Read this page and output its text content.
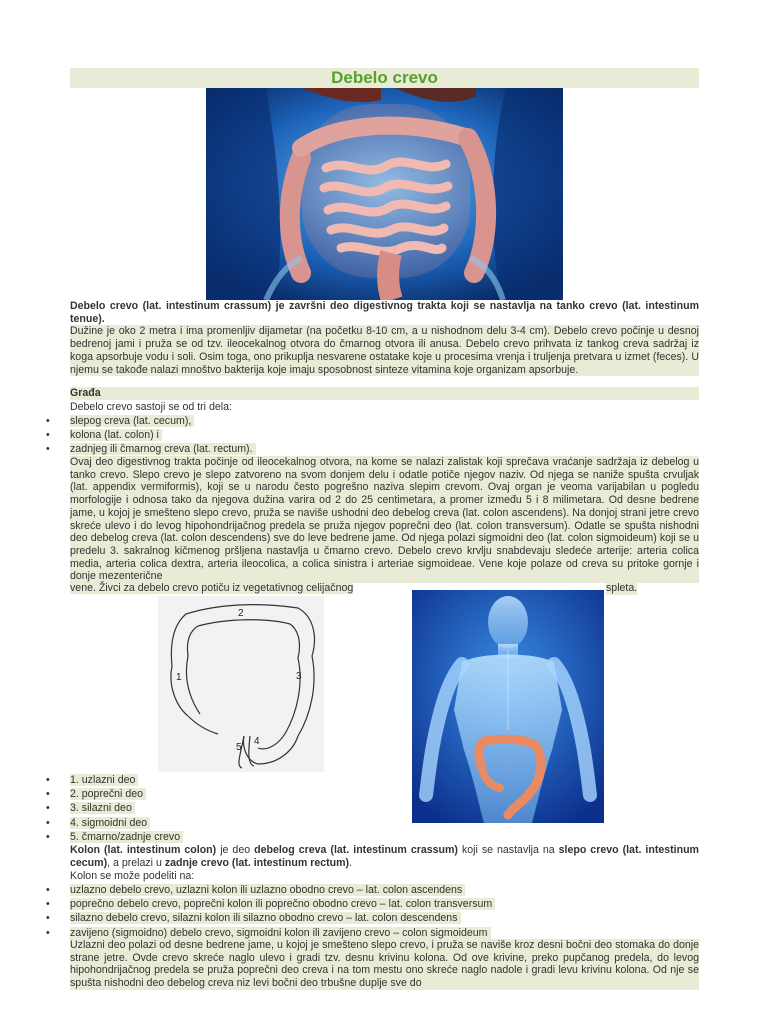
Debelo crevo

Debelo crevo (lat. intestinum crassum) je završni deo digestivnog trakta koji se nastavlja na tanko crevo (lat. intestinum tenue).

Dužine je oko 2 metra i ima promenljiv dijametar (na početku 8-10 cm, a u nishodnom delu 3-4 cm). Debelo crevo počinje u desnoj bedrenoj jami i pruža se od tzv. ileocekalnog otvora do čmarnog otvora ili anusa. Debelo crevo prihvata iz tankog creva sadržaj iz koga apsorbuje vodu i soli. Osim toga, ono prikuplja nesvarene ostatake koje u procesima vrenja i truljenja pretvara u izmet (feces). U njemu se takođe nalazi mnoštvo bakterija koje imaju sposobnost sinteze vitamina koje organizam apsorbuje.

Građa
Debelo crevo sastoji se od tri dela:
• slepog creva (lat. cecum),
• kolona (lat. colon) i
• zadnjeg ili čmarnog creva (lat. rectum).

Ovaj deo digestivnog trakta počinje od ileocekalnog otvora, na kome se nalazi zalistak koji sprečava vraćanje sadržaja iz debelog u tanko crevo. Slepo crevo je slepo zatvoreno na svom donjem delu i odatle potiče njegov naziv. Od njega se naniže spušta crvuljak (lat. appendix vermiformis), koji se u narodu često pogrešno naziva slepim crevom. Ovaj organ je veoma varijabilan u pogledu morfologije i odnosa tako da njegova dužina varira od 2 do 25 centimetara, a promer između 5 i 8 milimetara. Od desne bedrene jame, u kojoj je smešteno slepo crevo, pruža se naviše ushodni deo debelog creva (lat. colon ascendens). Na donjoj strani jetre crevo skreće ulevo i do levog hipohondrijačnog predela se pruža njegov poprečni deo (lat. colon transversum). Odatle se spušta nishodni deo debelog creva (lat. colon descendens) sve do leve bedrene jame. Od njega polazi sigmoidni deo (lat. colon sigmoideum) koji se u predelu 3. sakralnog kičmenog pršljena nastavlja u čmarno crevo. Debelo crevo krvlju snabdevaju sledeće arterije: arteria colica media, arteria colica dextra, arteria ileocolica, a colica sinistra i arteriae sigmoideae. Vene koje polaze od creva su pritoke gornje i donje mezenterične

vene. Živci za debelo crevo potiču iz vegetativnog celijačnog	spleta.
2
1	3
4
5
• 1. uzlazni deo
• 2. poprečni deo
• 3. silazni deo
• 4. sigmoidni deo
• 5. čmarno/zadnje crevo
Kolon (lat. intestinum colon) je deo debelog creva (lat. intestinum crassum) koji se nastavlja na slepo crevo (lat. intestinum cecum), a prelazi u zadnje crevo (lat. intestinum rectum).
Kolon se može podeliti na:
• uzlazno debelo crevo, uzlazni kolon ili uzlazno obodno crevo – lat. colon ascendens
• poprečno debelo crevo, poprečni kolon ili poprečno obodno crevo – lat. colon transversum
• silazno debelo crevo, silazni kolon ili silazno obodno crevo – lat. colon descendens
• zavijeno (sigmoidno) debelo crevo, sigmoidni kolon ili zavijeno crevo – colon sigmoideum
Uzlazni deo polazi od desne bedrene jame, u kojoj je smešteno slepo crevo, i pruža se naviše kroz desni bočni deo stomaka do donje strane jetre. Ovde crevo skreće naglo ulevo i gradi tzv. desnu krivinu kolona. Od ove krivine, preko pupčanog predela, do levog hipohondrijačnog predela se pruža poprečni deo creva i na tom mestu ono skreće naglo nadole i gradi levu krivinu kolona. Od nje se spušta nishodni deo debelog creva niz levi bočni deo trbušne duplje sve do
